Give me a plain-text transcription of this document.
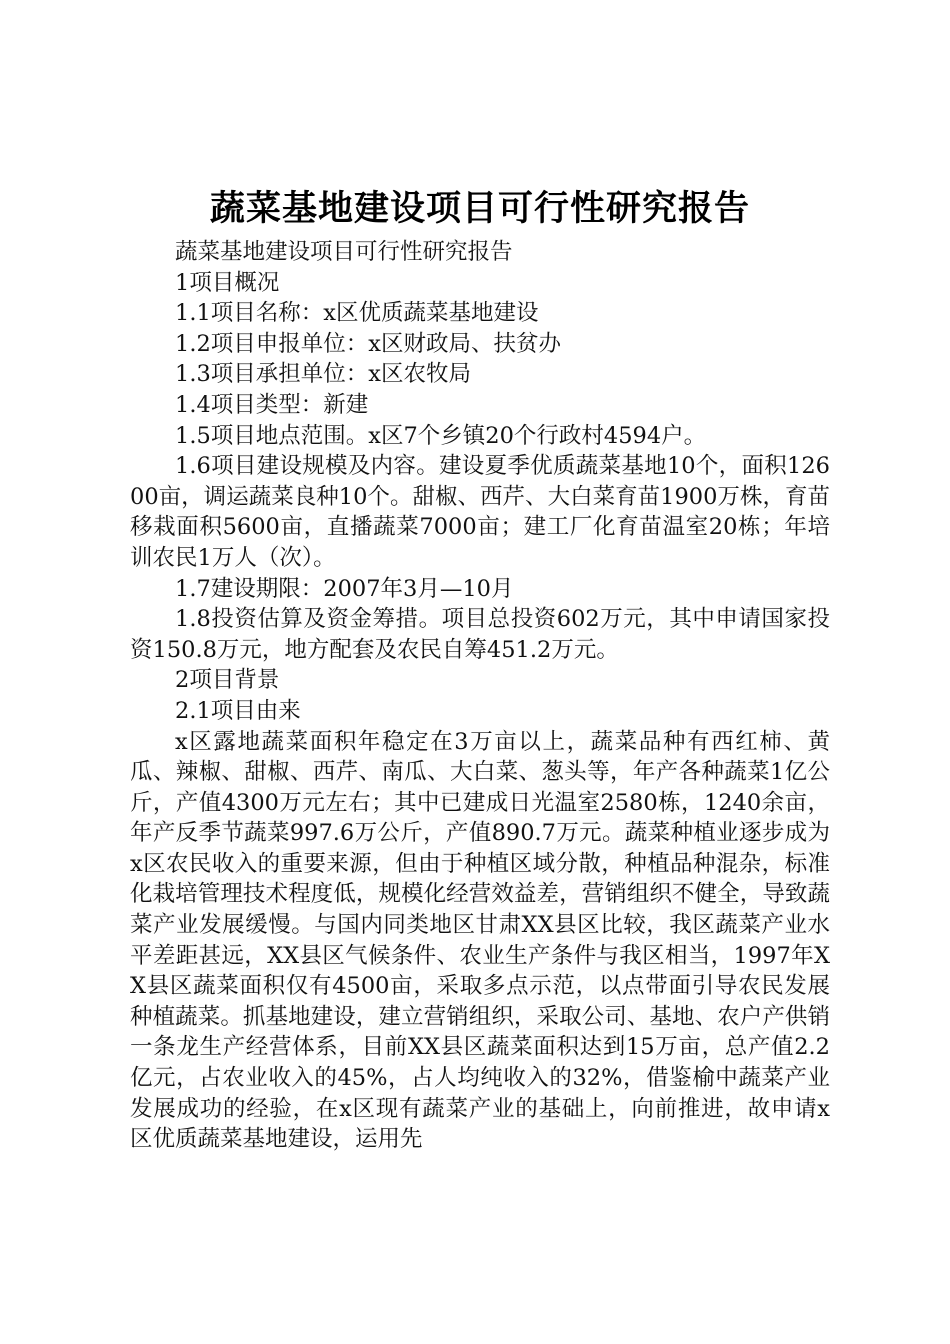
蔬菜基地建设项目可行性研究报告

蔬菜基地建设项目可行性研究报告

1项目概况

1.1项目名称：x区优质蔬菜基地建设

1.2项目申报单位：x区财政局、扶贫办

1.3项目承担单位：x区农牧局

1.4项目类型：新建

1.5项目地点范围。x区7个乡镇20个行政村4594户。

1.6项目建设规模及内容。建设夏季优质蔬菜基地10个，面积12600亩，调运蔬菜良种10个。甜椒、西芹、大白菜育苗1900万株，育苗移栽面积5600亩，直播蔬菜7000亩；建工厂化育苗温室20栋；年培训农民1万人（次）。

1.7建设期限：2007年3月—10月

1.8投资估算及资金筹措。项目总投资602万元，其中申请国家投资150.8万元，地方配套及农民自筹451.2万元。

2项目背景

2.1项目由来

x区露地蔬菜面积年稳定在3万亩以上，蔬菜品种有西红柿、黄瓜、辣椒、甜椒、西芹、南瓜、大白菜、葱头等，年产各种蔬菜1亿公斤，产值4300万元左右；其中已建成日光温室2580栋，1240余亩，年产反季节蔬菜997.6万公斤，产值890.7万元。蔬菜种植业逐步成为x区农民收入的重要来源，但由于种植区域分散，种植品种混杂，标准化栽培管理技术程度低，规模化经营效益差，营销组织不健全，导致蔬菜产业发展缓慢。与国内同类地区甘肃XX县区比较，我区蔬菜产业水平差距甚远，XX县区气候条件、农业生产条件与我区相当，1997年XX县区蔬菜面积仅有4500亩，采取多点示范，以点带面引导农民发展种植蔬菜。抓基地建设，建立营销组织，采取公司、基地、农户产供销一条龙生产经营体系，目前XX县区蔬菜面积达到15万亩，总产值2.2亿元，占农业收入的45%，占人均纯收入的32%，借鉴榆中蔬菜产业发展成功的经验，在x区现有蔬菜产业的基础上，向前推进，故申请x区优质蔬菜基地建设，运用先
